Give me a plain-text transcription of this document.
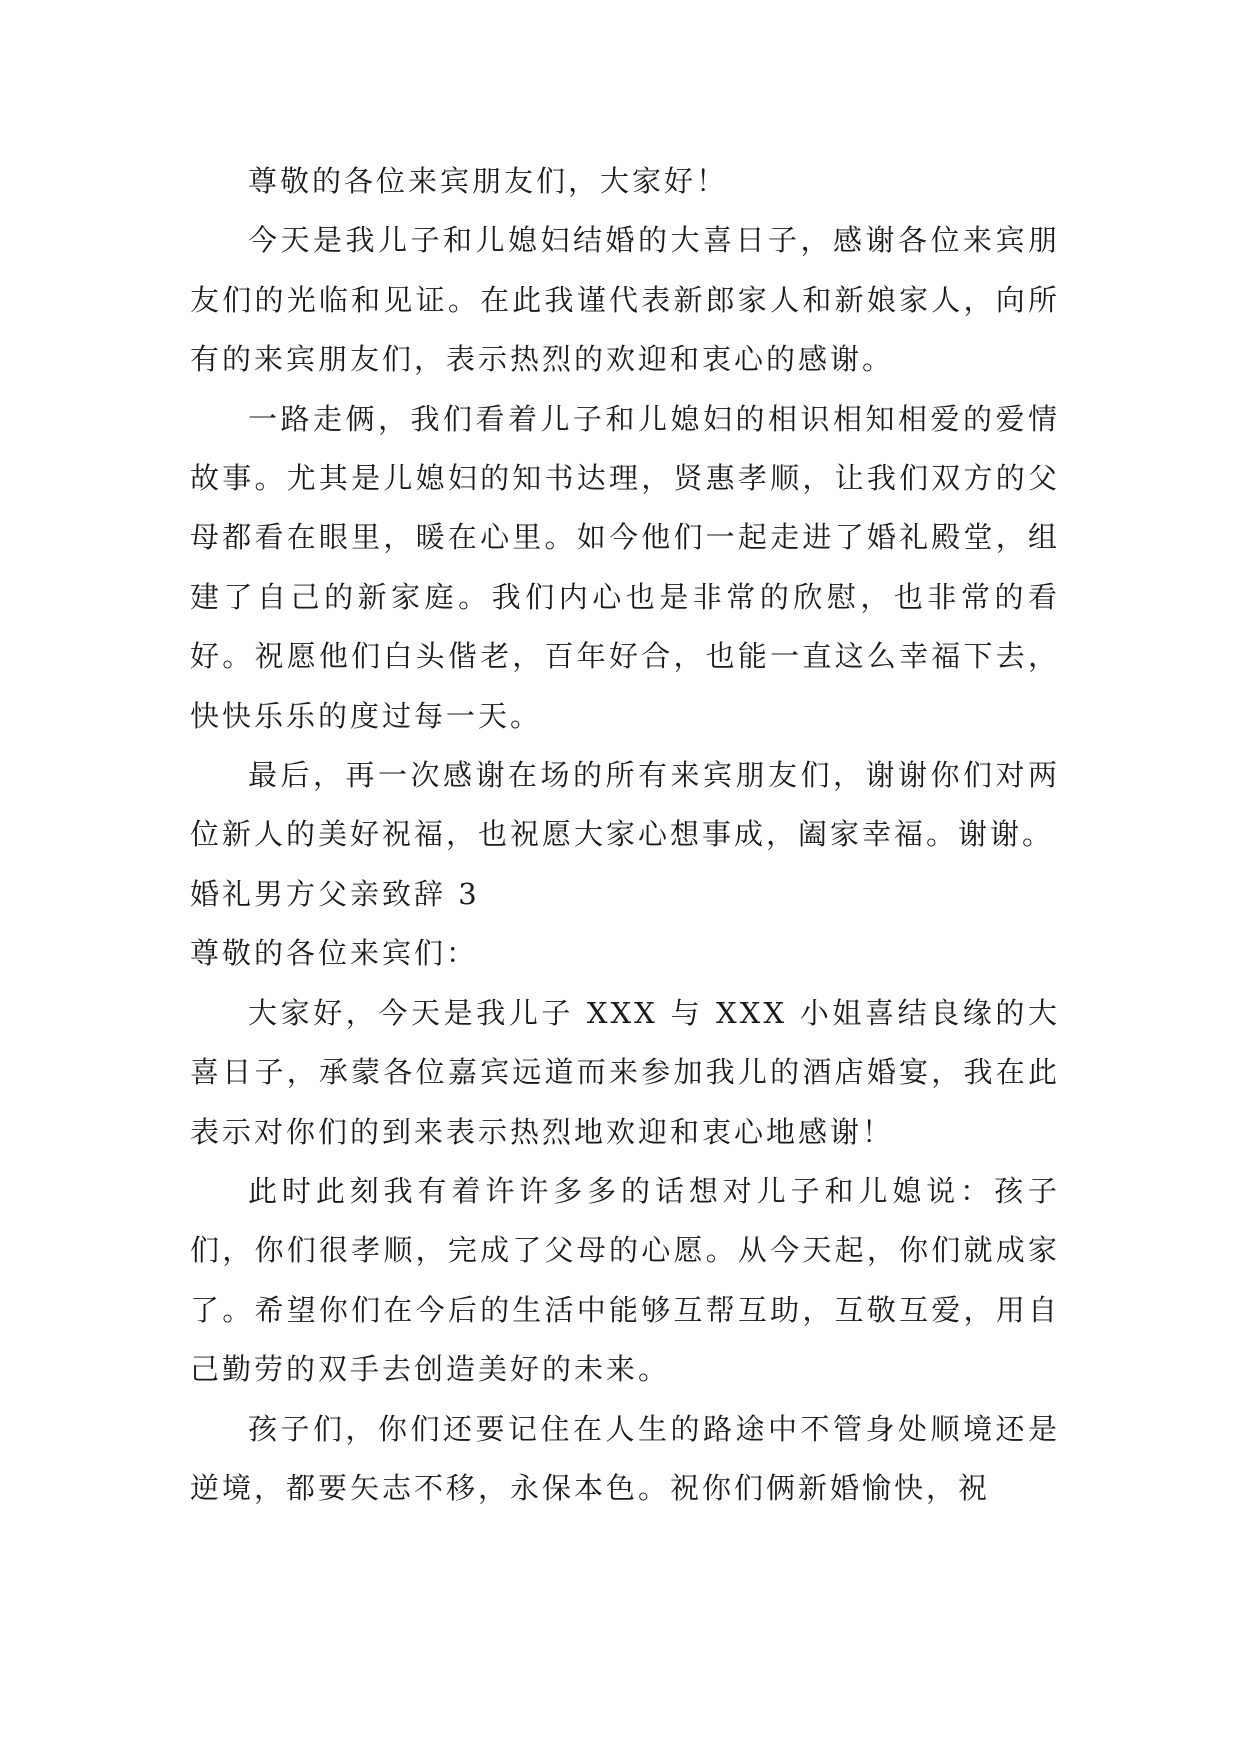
尊敬的各位来宾朋友们，大家好！

今天是我儿子和儿媳妇结婚的大喜日子，感谢各位来宾朋友们的光临和见证。在此我谨代表新郎家人和新娘家人，向所有的来宾朋友们，表示热烈的欢迎和衷心的感谢。

一路走俩，我们看着儿子和儿媳妇的相识相知相爱的爱情故事。尤其是儿媳妇的知书达理，贤惠孝顺，让我们双方的父母都看在眼里，暖在心里。如今他们一起走进了婚礼殿堂，组建了自己的新家庭。我们内心也是非常的欣慰，也非常的看好。祝愿他们白头偕老，百年好合，也能一直这么幸福下去，快快乐乐的度过每一天。

最后，再一次感谢在场的所有来宾朋友们，谢谢你们对两位新人的美好祝福，也祝愿大家心想事成，阖家幸福。谢谢。

婚礼男方父亲致辞 3

尊敬的各位来宾们：

大家好，今天是我儿子 XXX 与 XXX 小姐喜结良缘的大喜日子，承蒙各位嘉宾远道而来参加我儿的酒店婚宴，我在此表示对你们的到来表示热烈地欢迎和衷心地感谢！

此时此刻我有着许许多多的话想对儿子和儿媳说：孩子们，你们很孝顺，完成了父母的心愿。从今天起，你们就成家了。希望你们在今后的生活中能够互帮互助，互敬互爱，用自己勤劳的双手去创造美好的未来。

孩子们，你们还要记住在人生的路途中不管身处顺境还是逆境，都要矢志不移，永保本色。祝你们俩新婚愉快，祝
